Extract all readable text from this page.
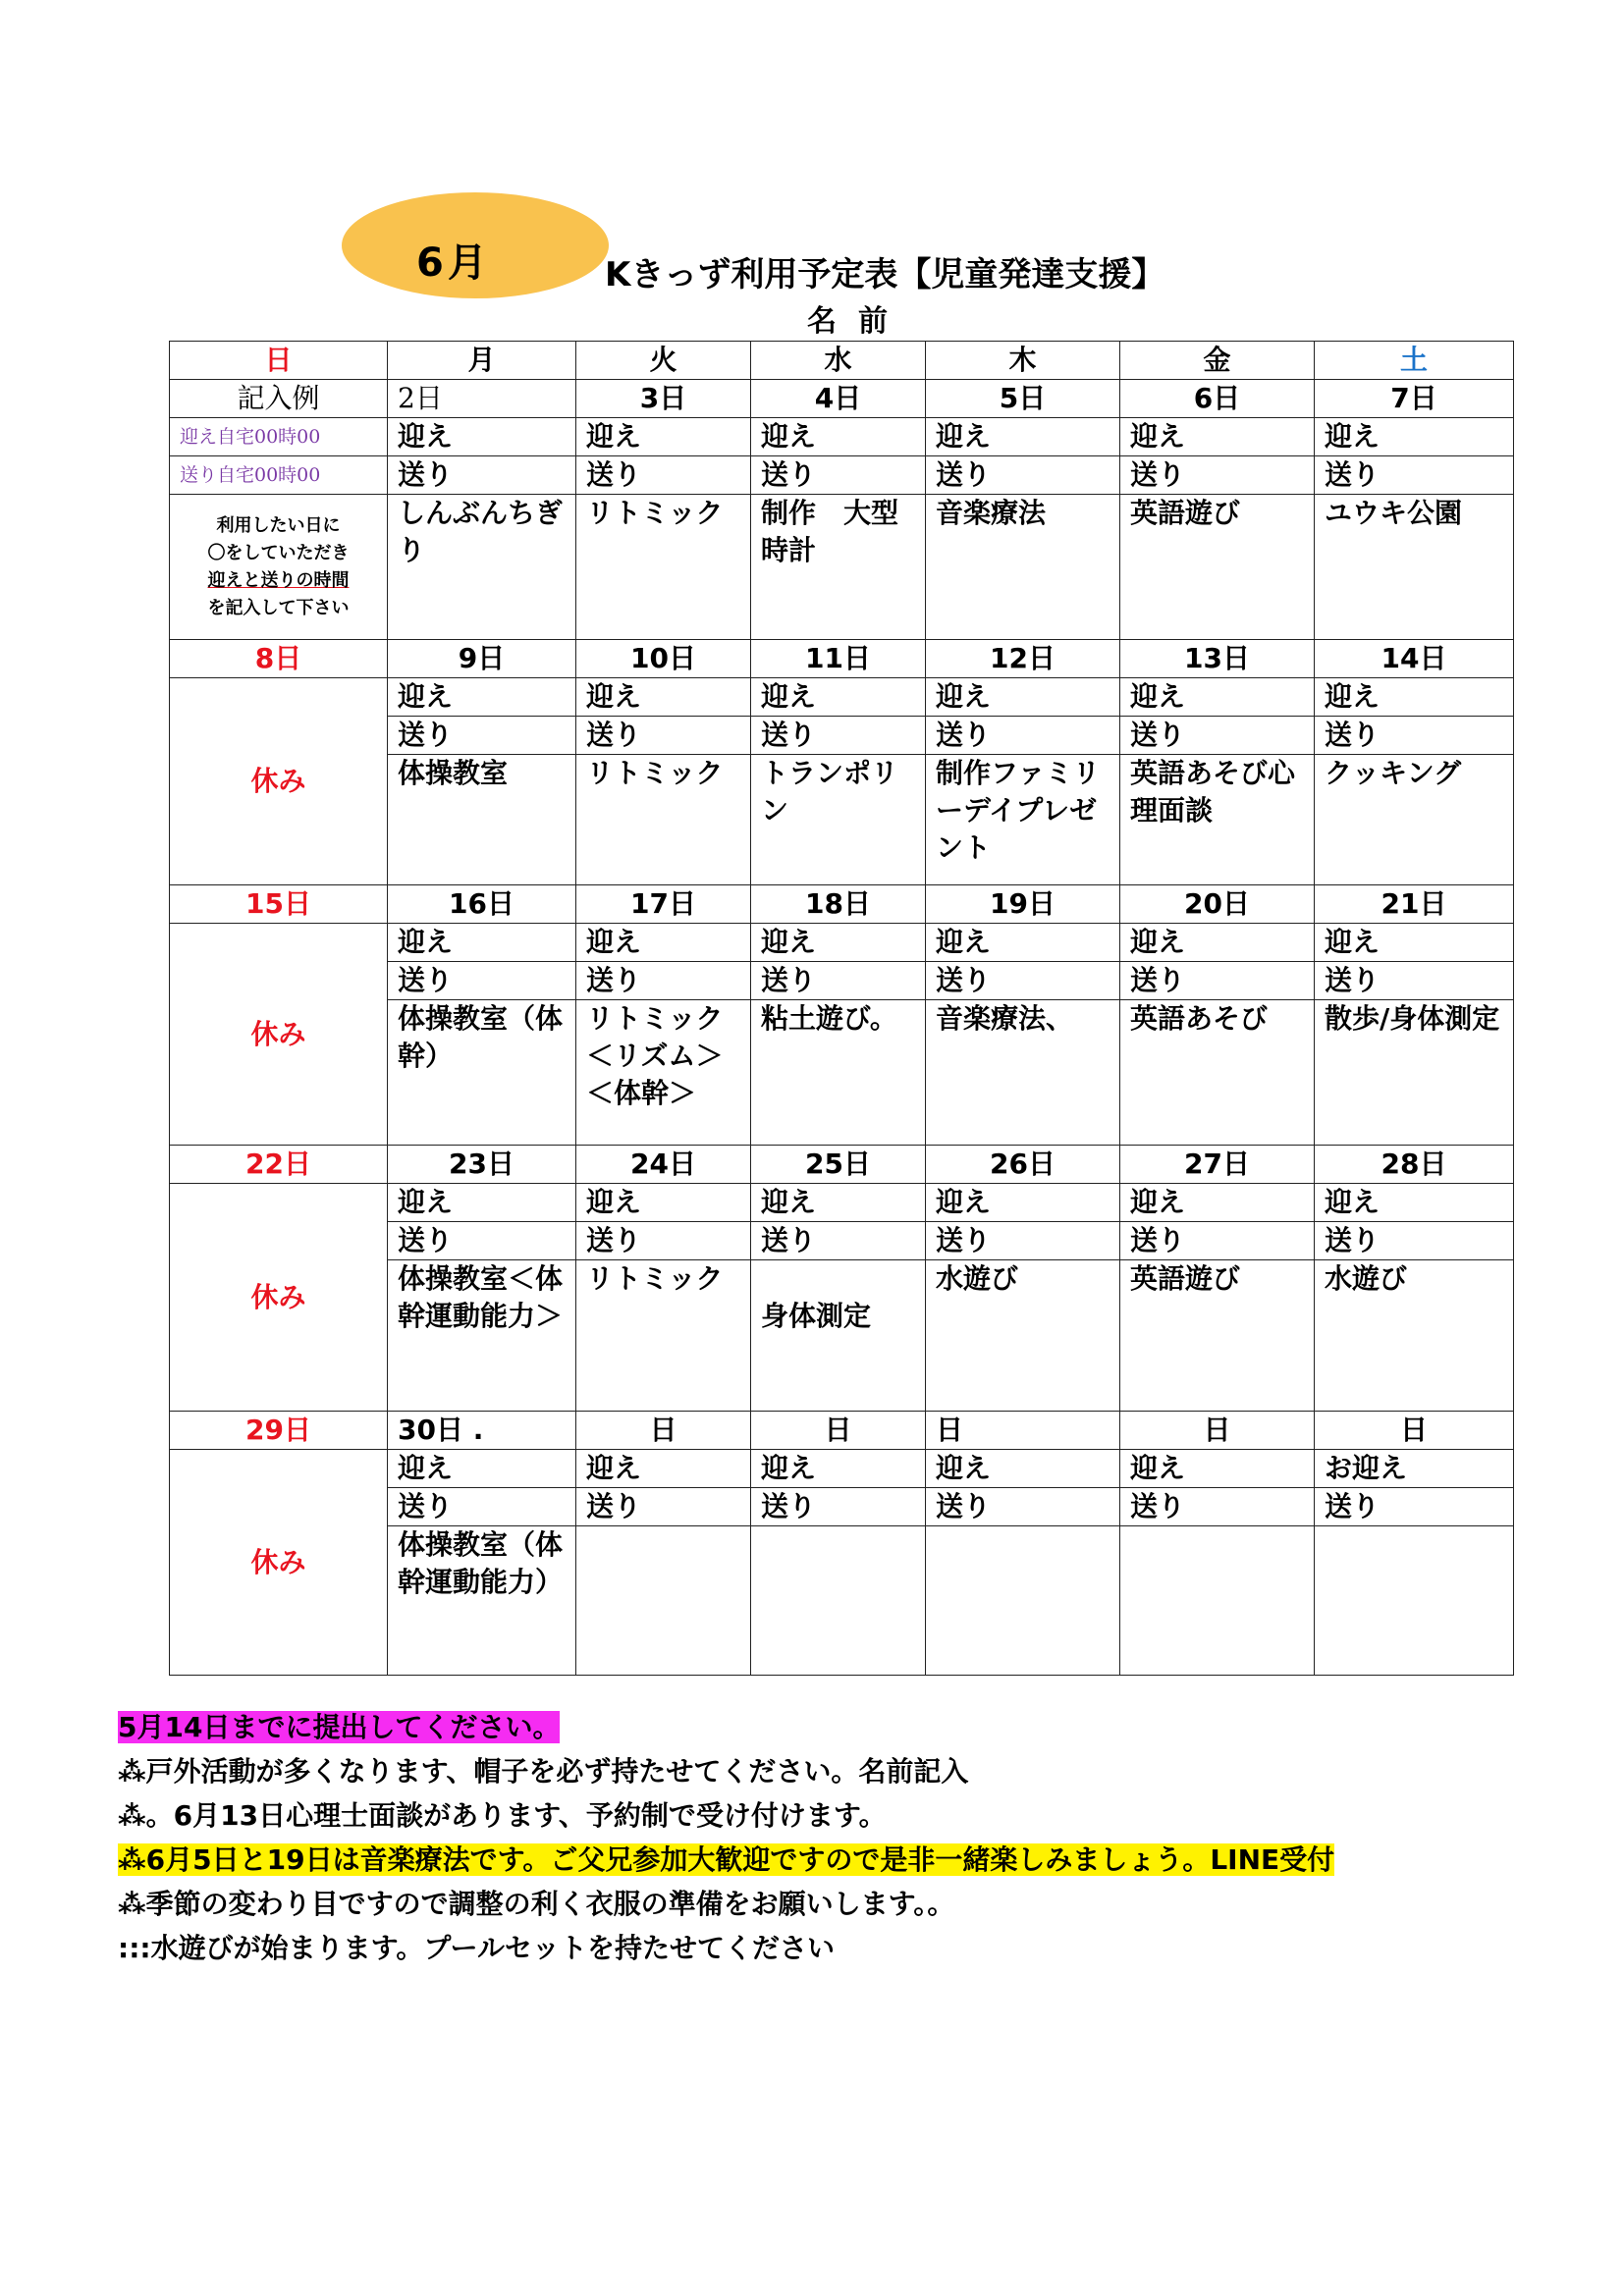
6月	Kきっず利用予定表【児童発達支援】
名前
日	月	火	水	木	金	土
記入例	2日	3日	4日	5日	6日	7日
迎え自宅00時00	迎え	迎え	迎え	迎え	迎え	迎え
送り自宅00時00	送り	送り	送り	送り	送り	送り

利用したい日に
〇をしていただき
迎えと送りの時間
を記入して下さい	しんぶんちぎり	リトミック	制作　大型時計	音楽療法	英語遊び	ユウキ公園
8日	9日	10日	11日	12日	13日	14日
休み	迎え	迎え	迎え	迎え	迎え	迎え
	送り	送り	送り	送り	送り	送り
	体操教室	リトミック	トランポリン	制作ファミリーデイプレゼント	英語あそび心理面談	クッキング
15日	16日	17日	18日	19日	20日	21日
休み	迎え	迎え	迎え	迎え	迎え	迎え
	送り	送り	送り	送り	送り	送り
	体操教室（体幹）	リトミック＜リズム＞＜体幹＞	粘土遊び。	音楽療法、	英語あそび	散歩/身体測定
22日	23日	24日	25日	26日	27日	28日
休み	迎え	迎え	迎え	迎え	迎え	迎え
	送り	送り	送り	送り	送り	送り
	体操教室＜体幹運動能力＞	リトミック	身体測定	水遊び	英語遊び	水遊び
29日	30日 .	日	日	日	日	日
休み	迎え	迎え	迎え	迎え	迎え	お迎え
	送り	送り	送り	送り	送り	送り
	体操教室（体幹運動能力）					
5月14日までに提出してください。
⁂戸外活動が多くなります、帽子を必ず持たせてください。名前記入
⁂。6月13日心理士面談があります、予約制で受け付けます。
⁂6月5日と19日は音楽療法です。ご父兄参加大歓迎ですので是非一緒楽しみましょう。LINE受付
⁂季節の変わり目ですので調整の利く衣服の準備をお願いします。。
:::水遊びが始まります。プールセットを持たせてください
